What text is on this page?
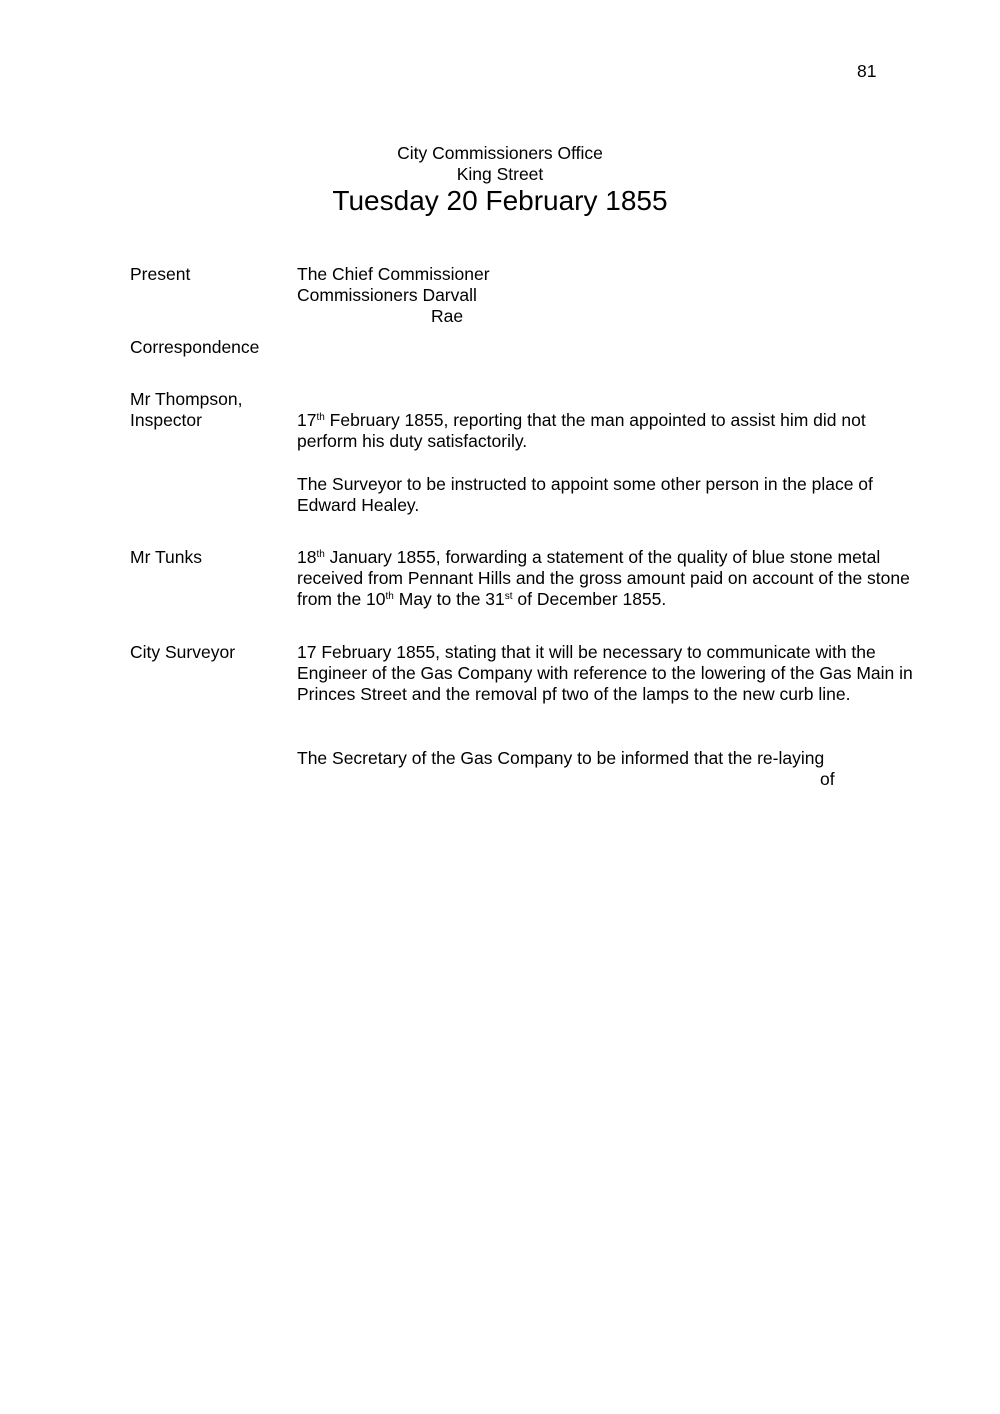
81
City Commissioners Office
King Street
Tuesday 20 February 1855
Present	The Chief Commissioner
Commissioners Darvall
Rae
Correspondence
Mr Thompson,
Inspector	17th February 1855, reporting that the man appointed to assist him did not perform his duty satisfactorily.
The Surveyor to be instructed to appoint some other person in the place of Edward Healey.
Mr Tunks	18th January 1855, forwarding a statement of the quality of blue stone metal received from Pennant Hills and the gross amount paid on account of the stone from the 10th May to the 31st of December 1855.
City Surveyor	17 February 1855, stating that it will be necessary to communicate with the Engineer of the Gas Company with reference to the lowering of the Gas Main in Princes Street and the removal pf two of the lamps to the new curb line.
The Secretary of the Gas Company to be informed that the re-laying
of
